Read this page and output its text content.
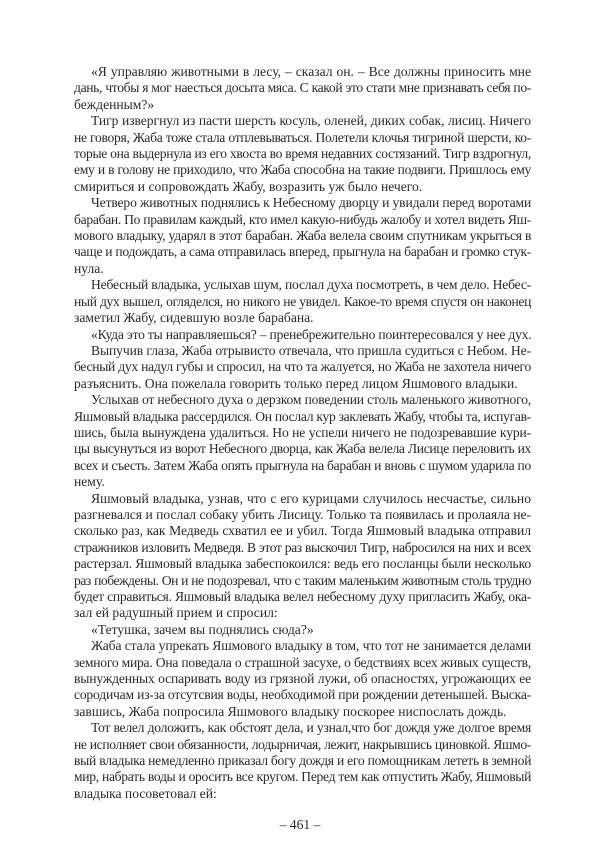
«Я управляю животными в лесу, – сказал он. – Все должны приносить мне
дань, чтобы я мог наесться досыта мяса. С какой это стати мне признавать себя по-
бежденным?»
Тигр извергнул из пасти шерсть косуль, оленей, диких собак, лисиц. Ничего
не говоря, Жаба тоже стала отплевываться. Полетели клочья тигриной шерсти, ко-
торые она выдернула из его хвоста во время недавних состязаний. Тигр вздрогнул,
ему и в голову не приходило, что Жаба способна на такие подвиги. Пришлось ему
смириться и сопровождать Жабу, возразить уж было нечего.
Четверо животных поднялись к Небесному дворцу и увидали перед воротами
барабан. По правилам каждый, кто имел какую-нибудь жалобу и хотел видеть Яш-
мового владыку, ударял в этот барабан. Жаба велела своим спутникам укрыться в
чаще и подождать, а сама отправилась вперед, прыгнула на барабан и громко стук-
нула.
Небесный владыка, услыхав шум, послал духа посмотреть, в чем дело. Небес-
ный дух вышел, огляделся, но никого не увидел. Какое-то время спустя он наконец
заметил Жабу, сидевшую возле барабана.
«Куда это ты направляешься? – пренебрежительно поинтересовался у нее дух.
Выпучив глаза, Жаба отрывисто отвечала, что пришла судиться с Небом. Не-
бесный дух надул губы и спросил, на что та жалуется, но Жаба не захотела ничего
разъяснить. Она пожелала говорить только перед лицом Яшмового владыки.
Услыхав от небесного духа о дерзком поведении столь маленького животного,
Яшмовый владыка рассердился. Он послал кур заклевать Жабу, чтобы та, испугав-
шись, была вынуждена удалиться. Но не успели ничего не подозревавшие кури-
цы высунуться из ворот Небесного дворца, как Жаба велела Лисице переловить их
всех и съесть. Затем Жаба опять прыгнула на барабан и вновь с шумом ударила по
нему.
Яшмовый владыка, узнав, что с его курицами случилось несчастье, сильно
разгневался и послал собаку убить Лисицу. Только та появилась и пролаяла не-
сколько раз, как Медведь схватил ее и убил. Тогда Яшмовый владыка отправил
стражников изловить Медведя. В этот раз выскочил Тигр, набросился на них и всех
растерзал. Яшмовый владыка забеспокоился: ведь его посланцы были несколько
раз побеждены. Он и не подозревал, что с таким маленьким животным столь трудно
будет справиться. Яшмовый владыка велел небесному духу пригласить Жабу, ока-
зал ей радушный прием и спросил:
«Тетушка, зачем вы поднялись сюда?»
Жаба стала упрекать Яшмового владыку в том, что тот не занимается делами
земного мира. Она поведала о страшной засухе, о бедствиях всех живых существ,
вынужденных оспаривать воду из грязной лужи, об опасностях, угрожающих ее
сородичам из-за отсутсвия воды, необходимой при рождении детенышей. Выска-
завшись, Жаба попросила Яшмового владыку поскорее ниспослать дождь.
Тот велел доложить, как обстоят дела, и узнал,что бог дождя уже долгое время
не исполняет свои обязанности, лодырничая, лежит, накрывшись циновкой. Яшмо-
вый владыка немедленно приказал богу дождя и его помощникам лететь в земной
мир, набрать воды и оросить все кругом. Перед тем как отпустить Жабу, Яшмовый
владыка посоветовал ей:
– 461 –
